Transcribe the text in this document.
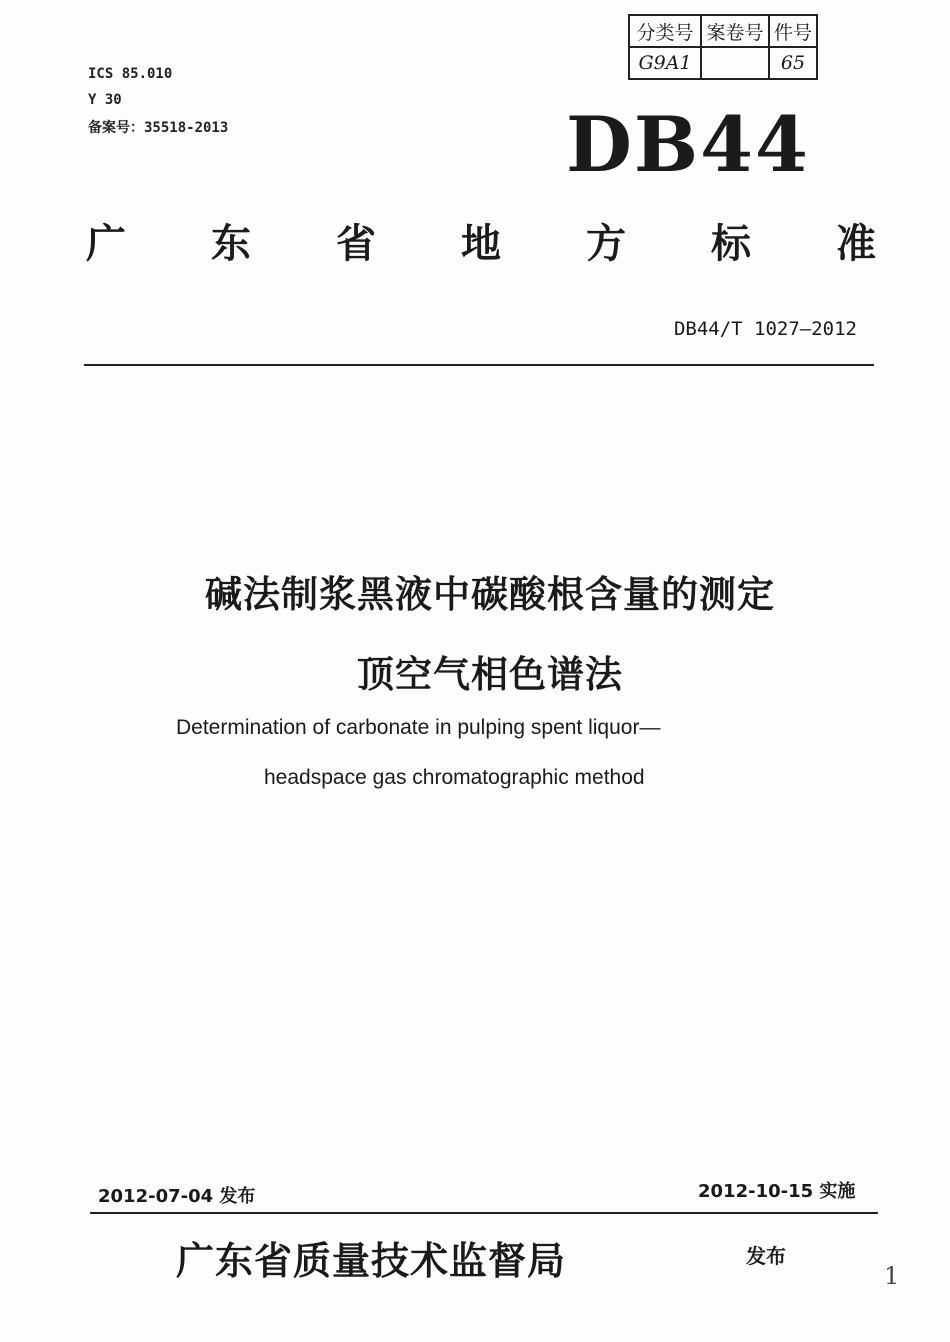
ICS 85.010
Y 30
备案号：35518-2013
分类号	案卷号	件号
G9A1		65
DB44
广 东 省 地 方 标 准
DB44/T 1027—2012
碱法制浆黑液中碳酸根含量的测定
顶空气相色谱法
Determination of carbonate in pulping spent liquor—
headspace gas chromatographic method
2012-07-04 发布	2012-10-15 实施
广东省质量技术监督局	发布
1
